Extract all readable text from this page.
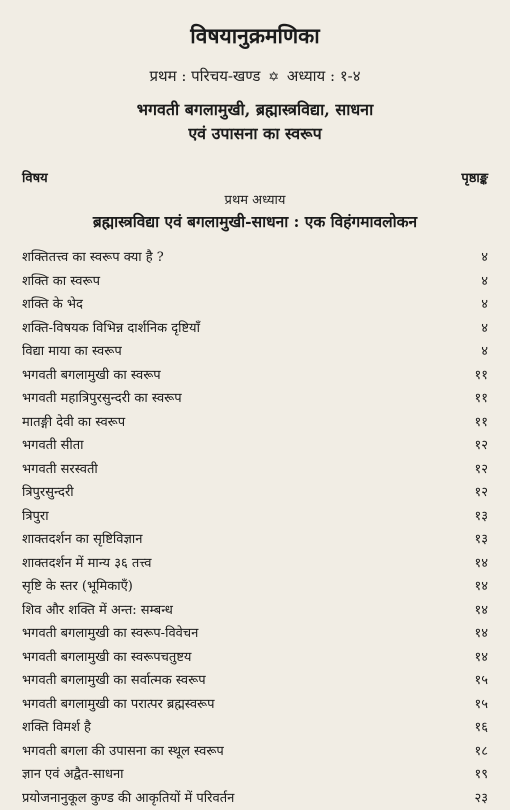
विषयानुक्रमणिका
प्रथम : परिचय-खण्ड ✡ अध्याय : १-४
भगवती बगलामुखी, ब्रह्मास्त्रविद्या, साधना
एवं उपासना का स्वरूप
विषय	पृष्ठाङ्क
प्रथम अध्याय
ब्रह्मास्त्रविद्या एवं बगलामुखी-साधना : एक विहंगमावलोकन
शक्तितत्त्व का स्वरूप क्या है ?	४
शक्ति का स्वरूप	४
शक्ति के भेद	४
शक्ति-विषयक विभिन्न दार्शनिक दृष्टियाँ	४
विद्या माया का स्वरूप	४
भगवती बगलामुखी का स्वरूप	११
भगवती महात्रिपुरसुन्दरी का स्वरूप	११
मातङ्गी देवी का स्वरूप	११
भगवती सीता	१२
भगवती सरस्वती	१२
त्रिपुरसुन्दरी	१२
त्रिपुरा	१३
शाक्तदर्शन का सृष्टिविज्ञान	१३
शाक्तदर्शन में मान्य ३६ तत्त्व	१४
सृष्टि के स्तर (भूमिकाएँ)	१४
शिव और शक्ति में अन्त: सम्बन्ध	१४
भगवती बगलामुखी का स्वरूप-विवेचन	१४
भगवती बगलामुखी का स्वरूपचतुष्टय	१४
भगवती बगलामुखी का सर्वात्मक स्वरूप	१५
भगवती बगलामुखी का परात्पर ब्रह्मस्वरूप	१५
शक्ति विमर्श है	१६
भगवती बगला की उपासना का स्थूल स्वरूप	१८
ज्ञान एवं अद्वैत-साधना	१९
प्रयोजनानुकूल कुण्ड की आकृतियों में परिवर्तन	२३
